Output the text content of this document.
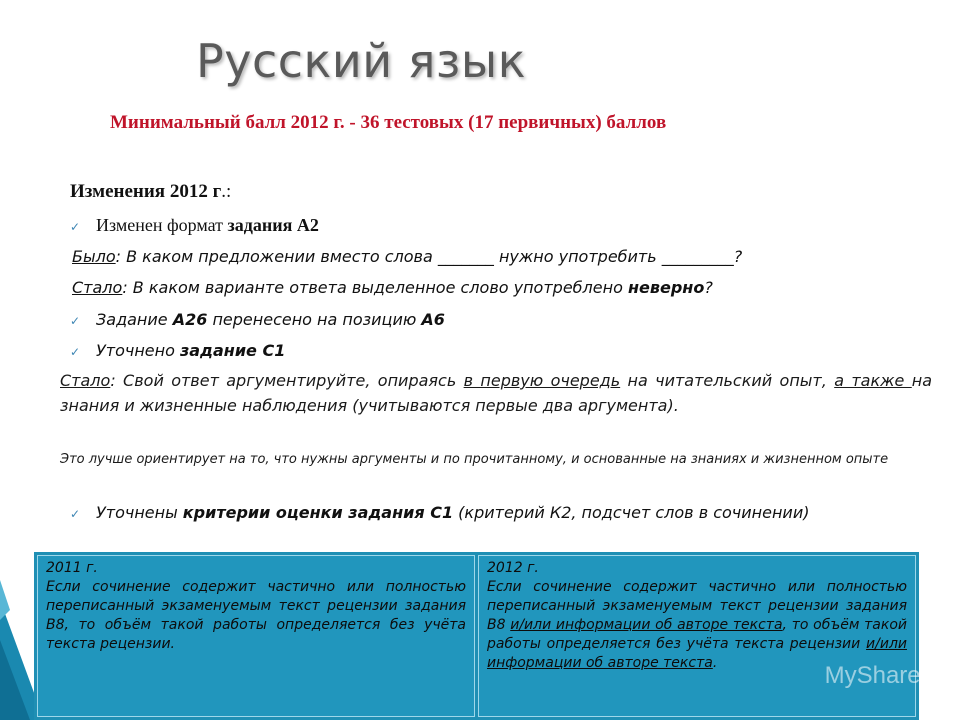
Русский язык
Минимальный балл 2012 г. - 36 тестовых (17 первичных) баллов
Изменения 2012 г.:
✓ Изменен формат задания А2
Было: В каком предложении вместо слова _______ нужно употребить _________?
Стало: В каком варианте ответа выделенное слово употреблено неверно?
✓ Задание А26 перенесено на позицию А6
✓ Уточнено задание С1
Стало: Свой ответ аргументируйте, опираясь в первую очередь на читательский опыт, а также на знания и жизненные наблюдения (учитываются первые два аргумента).
Это лучше ориентирует на то, что нужны аргументы и по прочитанному, и основанные на знаниях и жизненном опыте
✓ Уточнены критерии оценки задания С1 (критерий К2, подсчет слов в сочинении)
2011 г.
Если сочинение содержит частично или полностью переписанный экзаменуемым текст рецензии задания В8, то объём такой работы определяется без учёта текста рецензии.
2012 г.
Если сочинение содержит частично или полностью переписанный экзаменуемым текст рецензии задания В8 и/или информации об авторе текста, то объём такой работы определяется без учёта текста рецензии и/или информации об авторе текста.	MyShared
